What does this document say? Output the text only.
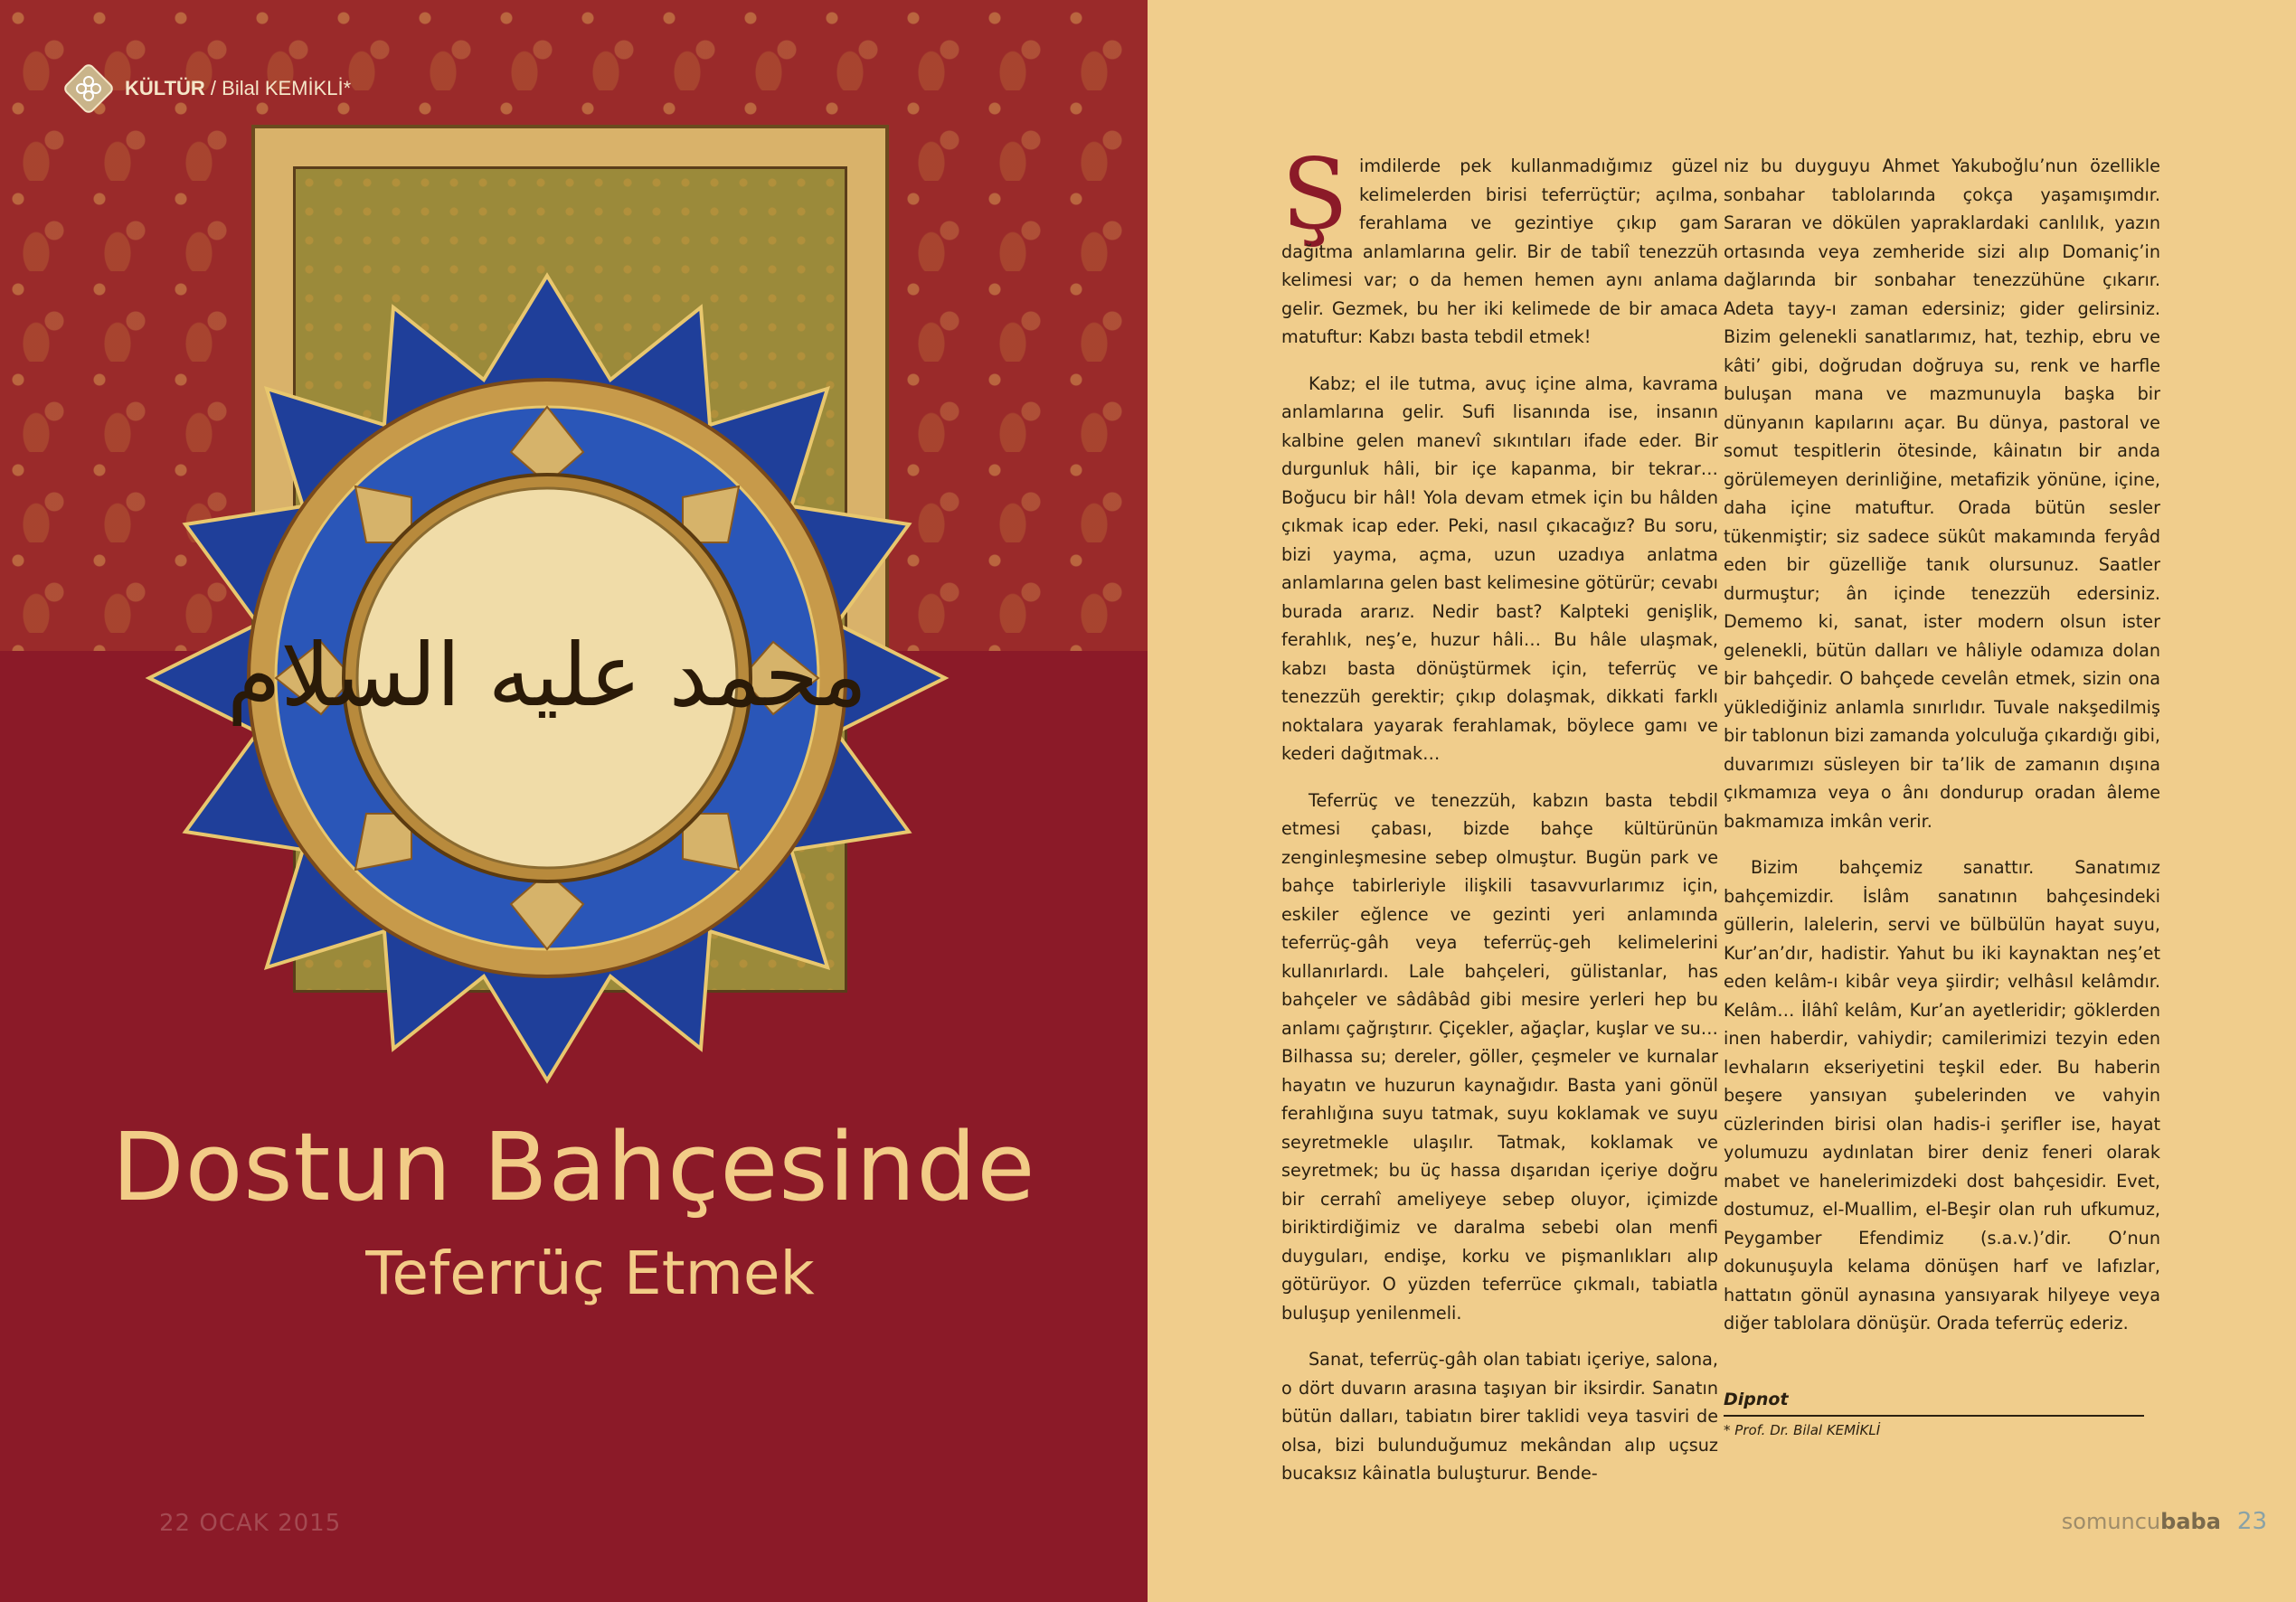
KÜLTÜR / Bilal KEMİKLİ*
محمد عليه السلام
Dostun Bahçesinde
Teferrüç Etmek
22 OCAK 2015

Şimdilerde pek kullanmadığımız güzel kelimelerden birisi teferrüçtür; açılma, ferahlama ve gezintiye çıkıp gam dağıtma anlamlarına gelir. Bir de tabiî tenezzüh kelimesi var; o da hemen hemen aynı anlama gelir. Gezmek, bu her iki kelimede de bir amaca matuftur: Kabzı basta tebdil etmek!

Kabz; el ile tutma, avuç içine alma, kavrama anlamlarına gelir. Sufi lisanında ise, insanın kalbine gelen manevî sıkıntıları ifade eder. Bir durgunluk hâli, bir içe kapanma, bir tekrar… Boğucu bir hâl! Yola devam etmek için bu hâlden çıkmak icap eder. Peki, nasıl çıkacağız? Bu soru, bizi yayma, açma, uzun uzadıya anlatma anlamlarına gelen bast kelimesine götürür; cevabı burada ararız. Nedir bast? Kalpteki genişlik, ferahlık, neş’e, huzur hâli… Bu hâle ulaşmak, kabzı basta dönüştürmek için, teferrüç ve tenezzüh gerektir; çıkıp dolaşmak, dikkati farklı noktalara yayarak ferahlamak, böylece gamı ve kederi dağıtmak…

Teferrüç ve tenezzüh, kabzın basta tebdil etmesi çabası, bizde bahçe kültürünün zenginleşmesine sebep olmuştur. Bugün park ve bahçe tabirleriyle ilişkili tasavvurlarımız için, eskiler eğlence ve gezinti yeri anlamında teferrüç-gâh veya teferrüç-geh kelimelerini kullanırlardı. Lale bahçeleri, gülistanlar, has bahçeler ve sâdâbâd gibi mesire yerleri hep bu anlamı çağrıştırır. Çiçekler, ağaçlar, kuşlar ve su… Bilhassa su; dereler, göller, çeşmeler ve kurnalar hayatın ve huzurun kaynağıdır. Basta yani gönül ferahlığına suyu tatmak, suyu koklamak ve suyu seyretmekle ulaşılır. Tatmak, koklamak ve seyretmek; bu üç hassa dışarıdan içeriye doğru bir cerrahî ameliyeye sebep oluyor, içimizde biriktirdiğimiz ve daralma sebebi olan menfi duyguları, endişe, korku ve pişmanlıkları alıp götürüyor. O yüzden teferrüce çıkmalı, tabiatla buluşup yenilenmeli.

Sanat, teferrüç-gâh olan tabiatı içeriye, salona, o dört duvarın arasına taşıyan bir iksirdir. Sanatın bütün dalları, tabiatın birer taklidi veya tasviri de olsa, bizi bulunduğumuz mekândan alıp uçsuz bucaksız kâinatla buluşturur. Bende-

niz bu duyguyu Ahmet Yakuboğlu’nun özellikle sonbahar tablolarında çokça yaşamışımdır. Sararan ve dökülen yapraklardaki canlılık, yazın ortasında veya zemheride sizi alıp Domaniç’in dağlarında bir sonbahar tenezzühüne çıkarır. Adeta tayy-ı zaman edersiniz; gider gelirsiniz. Bizim gelenekli sanatlarımız, hat, tezhip, ebru ve kâti’ gibi, doğrudan doğruya su, renk ve harfle buluşan mana ve mazmunuyla başka bir dünyanın kapılarını açar. Bu dünya, pastoral ve somut tespitlerin ötesinde, kâinatın bir anda görülemeyen derinliğine, metafizik yönüne, içine, daha içine matuftur. Orada bütün sesler tükenmiştir; siz sadece sükût makamında feryâd eden bir güzelliğe tanık olursunuz. Saatler durmuştur; ân içinde tenezzüh edersiniz. Dememo ki, sanat, ister modern olsun ister gelenekli, bütün dalları ve hâliyle odamıza dolan bir bahçedir. O bahçede cevelân etmek, sizin ona yüklediğiniz anlamla sınırlıdır. Tuvale nakşedilmiş bir tablonun bizi zamanda yolculuğa çıkardığı gibi, duvarımızı süsleyen bir ta’lik de zamanın dışına çıkmamıza veya o ânı dondurup oradan âleme bakmamıza imkân verir.

Bizim bahçemiz sanattır. Sanatımız bahçemizdir. İslâm sanatının bahçesindeki güllerin, lalelerin, servi ve bülbülün hayat suyu, Kur’an’dır, hadistir. Yahut bu iki kaynaktan neş’et eden kelâm-ı kibâr veya şiirdir; velhâsıl kelâmdır. Kelâm… İlâhî kelâm, Kur’an ayetleridir; göklerden inen haberdir, vahiydir; camilerimizi tezyin eden levhaların ekseriyetini teşkil eder. Bu haberin beşere yansıyan şubelerinden ve vahyin cüzlerinden birisi olan hadis-i şerifler ise, hayat yolumuzu aydınlatan birer deniz feneri olarak mabet ve hanelerimizdeki dost bahçesidir. Evet, dostumuz, el-Muallim, el-Beşir olan ruh ufkumuz, Peygamber Efendimiz (s.a.v.)’dir. O’nun dokunuşuyla kelama dönüşen harf ve lafızlar, hattatın gönül aynasına yansıyarak hilyeye veya diğer tablolara dönüşür. Orada teferrüç ederiz.

Dipnot
* Prof. Dr. Bilal KEMİKLİ
somuncubaba 23
